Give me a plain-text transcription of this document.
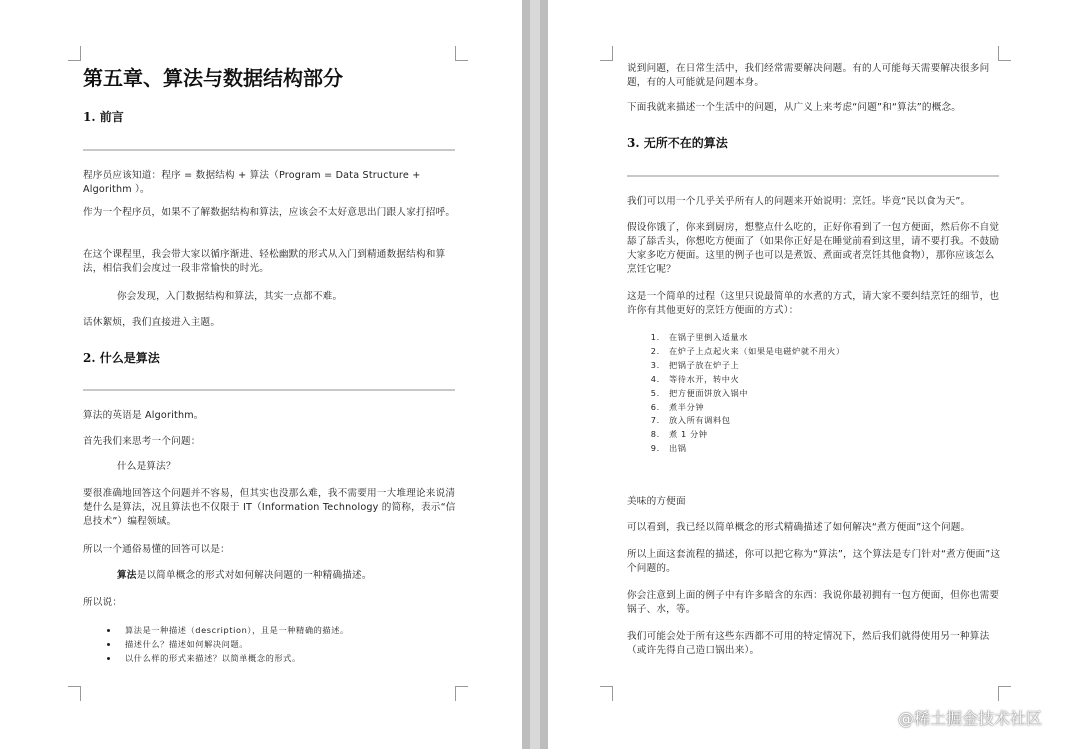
第五章、算法与数据结构部分
1. 前言
程序员应该知道：程序 = 数据结构 + 算法（Program = Data Structure + Algorithm ）。
作为一个程序员，如果不了解数据结构和算法，应该会不太好意思出门跟人家打招呼。
在这个课程里，我会带大家以循序渐进、轻松幽默的形式从入门到精通数据结构和算法，相信我们会度过一段非常愉快的时光。
你会发现，入门数据结构和算法，其实一点都不难。
话休絮烦，我们直接进入主题。
2. 什么是算法
算法的英语是 Algorithm。
首先我们来思考一个问题：
什么是算法？
要很准确地回答这个问题并不容易，但其实也没那么难，我不需要用一大堆理论来说清楚什么是算法，况且算法也不仅限于 IT（Information Technology 的简称，表示“信息技术”）编程领域。
所以一个通俗易懂的回答可以是：
算法是以简单概念的形式对如何解决问题的一种精确描述。
所以说：
• 算法是一种描述（description），且是一种精确的描述。
• 描述什么？描述如何解决问题。
• 以什么样的形式来描述？以简单概念的形式。
说到问题，在日常生活中，我们经常需要解决问题。有的人可能每天需要解决很多问题，有的人可能就是问题本身。
下面我就来描述一个生活中的问题，从广义上来考虑“问题”和“算法”的概念。
3. 无所不在的算法
我们可以用一个几乎关乎所有人的问题来开始说明：烹饪。毕竟“民以食为天”。
假设你饿了，你来到厨房，想整点什么吃的，正好你看到了一包方便面，然后你不自觉舔了舔舌头，你想吃方便面了（如果你正好是在睡觉前看到这里，请不要打我。不鼓励大家多吃方便面。这里的例子也可以是煮饭、煮面或者烹饪其他食物），那你应该怎么烹饪它呢？
这是一个简单的过程（这里只说最简单的水煮的方式，请大家不要纠结烹饪的细节，也许你有其他更好的烹饪方便面的方式）：
1. 在锅子里倒入适量水
2. 在炉子上点起火来（如果是电磁炉就不用火）
3. 把锅子放在炉子上
4. 等待水开，转中火
5. 把方便面饼放入锅中
6. 煮半分钟
7. 放入所有调料包
8. 煮 1 分钟
9. 出锅
美味的方便面
可以看到，我已经以简单概念的形式精确描述了如何解决“煮方便面”这个问题。
所以上面这套流程的描述，你可以把它称为“算法”，这个算法是专门针对“煮方便面”这个问题的。
你会注意到上面的例子中有许多暗含的东西：我说你最初拥有一包方便面，但你也需要锅子、水，等。
我们可能会处于所有这些东西都不可用的特定情况下，然后我们就得使用另一种算法（或许先得自己造口锅出来）。
@稀土掘金技术社区
